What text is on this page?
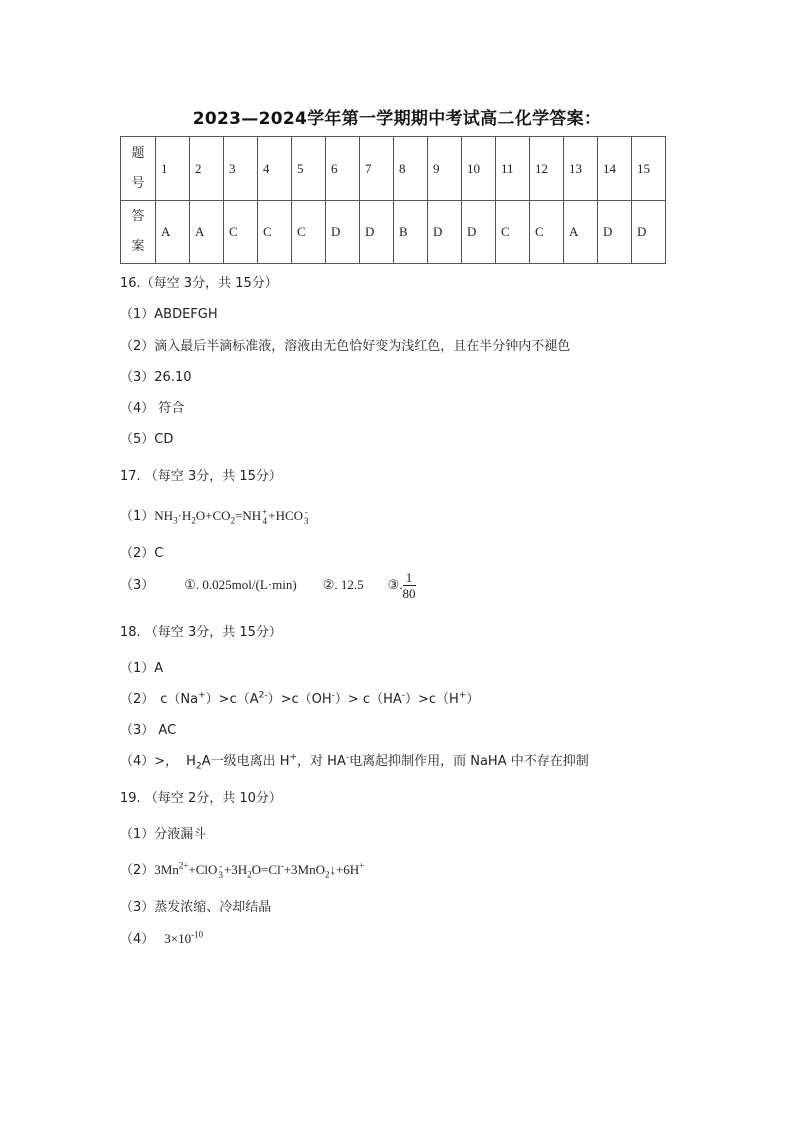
2023—2024学年第一学期期中考试高二化学答案：
题
号	1	2	3	4	5	6	7	8	9	10	11	12	13	14	15

答
案	A	A	C	C	C	D	D	B	D	D	C	C	A	D	D
16.（每空 3分，共 15分）
（1）ABDEFGH
（2）滴入最后半滴标准液，溶液由无色恰好变为浅红色，且在半分钟内不褪色
（3）26.10
（4） 符合
（5）CD
17. （每空 3分，共 15分）
$(1)NH_3\cdot H_2O+CO_2=NH$ +
4 +HCO -
3
（2）C
（3） ①. 0.025mol/(L·min) ②. 12.5 ③. $\frac{1}{80}$
18. （每空 3分，共 15分）
（1）A
（2） $c(Na^+)>c(A^{2-})>c(OH^-)> c(HA^-)>c(H^+)$
（3） AC
（4）>， $H_2A$一级电离出 H+，对 HA-电离起抑制作用，而 NaHA 中不存在抑制
19. （每空 2分，共 10分）
（1）分液漏斗
$(2)3Mn^{2+}+ClO$ -
$3 +3H_2O=Cl^-+3MnO_2↓+6H^+$
（3）蒸发浓缩、冷却结晶
（4） $3\times 10^{-10}$
